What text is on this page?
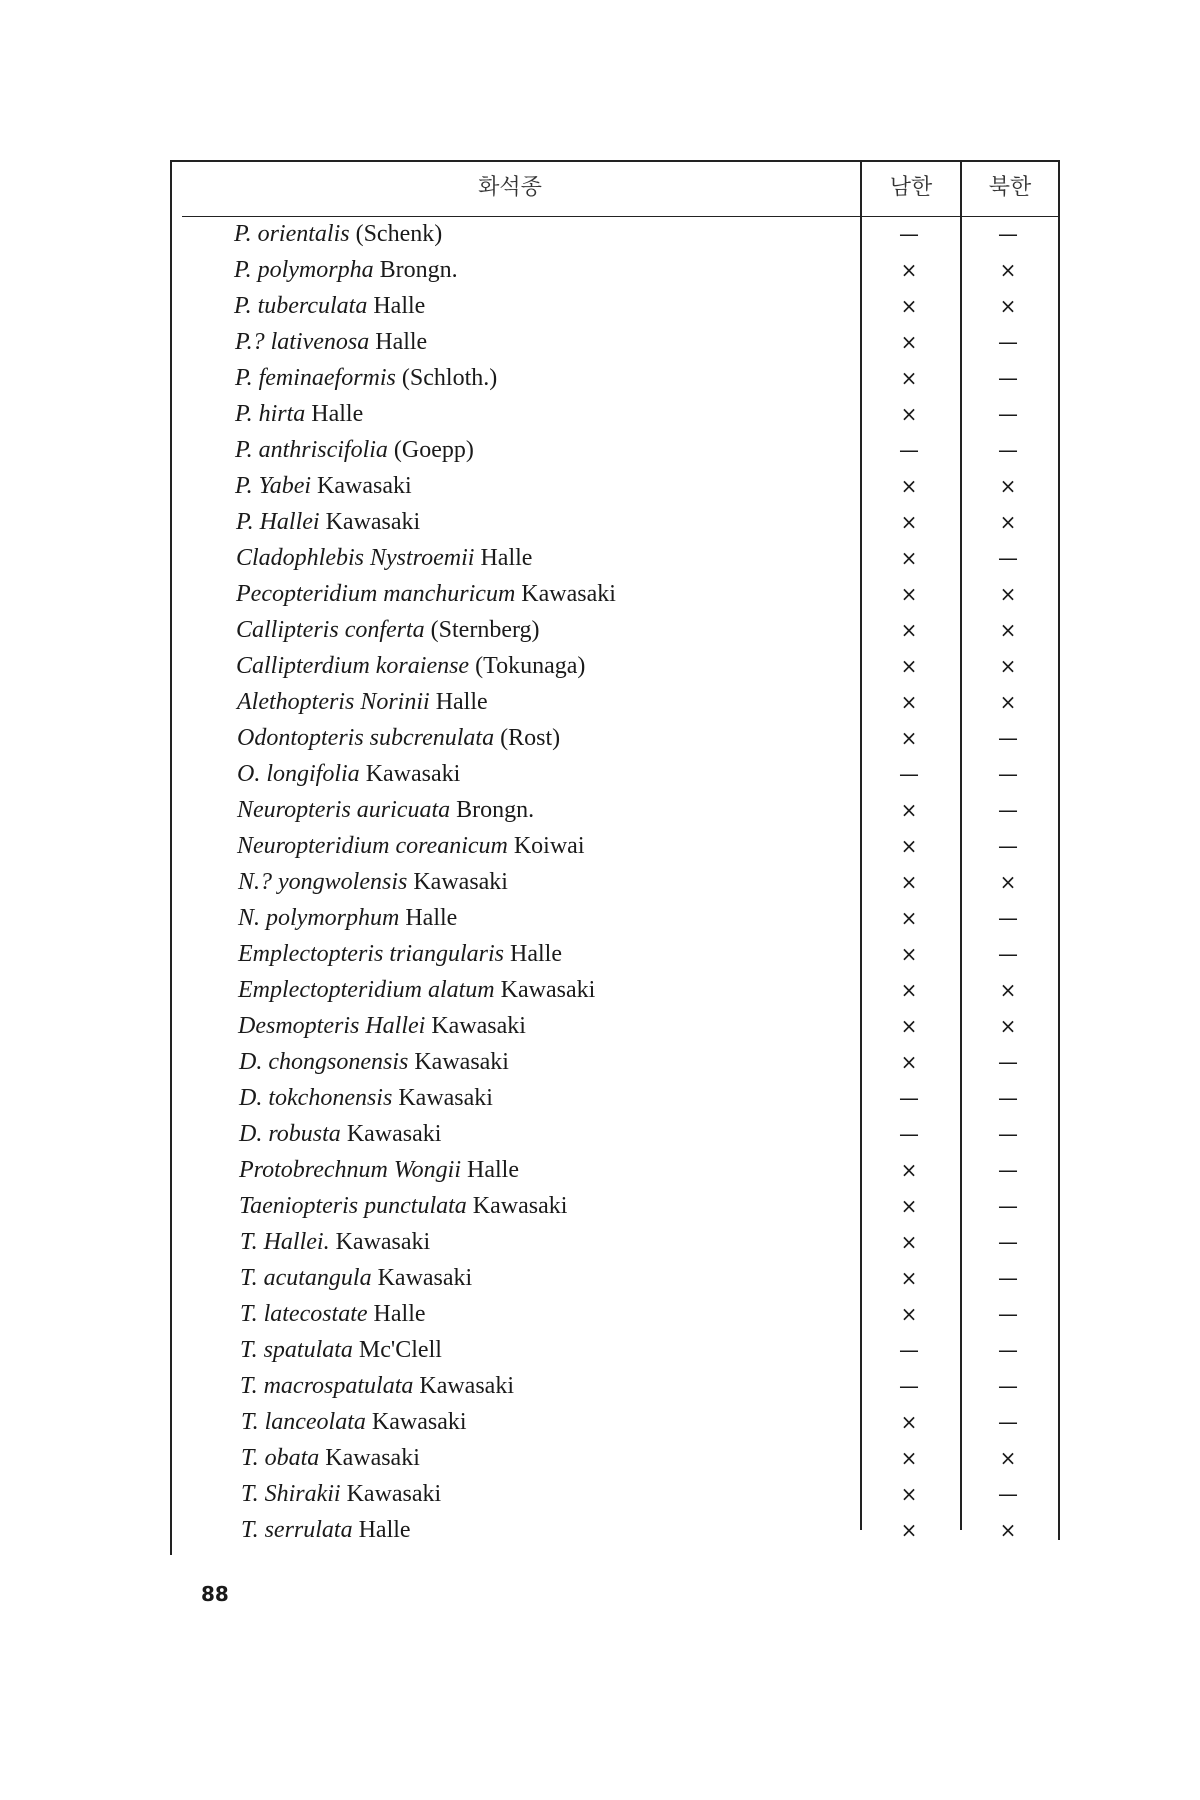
화석종	남한	북한
P. orientalis (Schenk)	—	—
P. polymorpha Brongn.	×	×
P. tuberculata Halle	×	×
P.? lativenosa Halle	×	—
P. feminaeformis (Schloth.)	×	—
P. hirta Halle	×	—
P. anthriscifolia (Goepp)	—	—
P. Yabei Kawasaki	×	×
P. Hallei Kawasaki	×	×
Cladophlebis Nystroemii Halle	×	—
Pecopteridium manchuricum Kawasaki	×	×
Callipteris conferta (Sternberg)	×	×
Callipterdium koraiense (Tokunaga)	×	×
Alethopteris Norinii Halle	×	×
Odontopteris subcrenulata (Rost)	×	—
O. longifolia Kawasaki	—	—
Neuropteris auricuata Brongn.	×	—
Neuropteridium coreanicum Koiwai	×	—
N.? yongwolensis Kawasaki	×	×
N. polymorphum Halle	×	—
Emplectopteris triangularis Halle	×	—
Emplectopteridium alatum Kawasaki	×	×
Desmopteris Hallei Kawasaki	×	×
D. chongsonensis Kawasaki	×	—
D. tokchonensis Kawasaki	—	—
D. robusta Kawasaki	—	—
Protobrechnum Wongii Halle	×	—
Taeniopteris punctulata Kawasaki	×	—
T. Hallei. Kawasaki	×	—
T. acutangula Kawasaki	×	—
T. latecostate Halle	×	—
T. spatulata Mc'Clell	—	—
T. macrospatulata Kawasaki	—	—
T. lanceolata Kawasaki	×	—
T. obata Kawasaki	×	×
T. Shirakii Kawasaki	×	—
T. serrulata Halle	×	×
88
